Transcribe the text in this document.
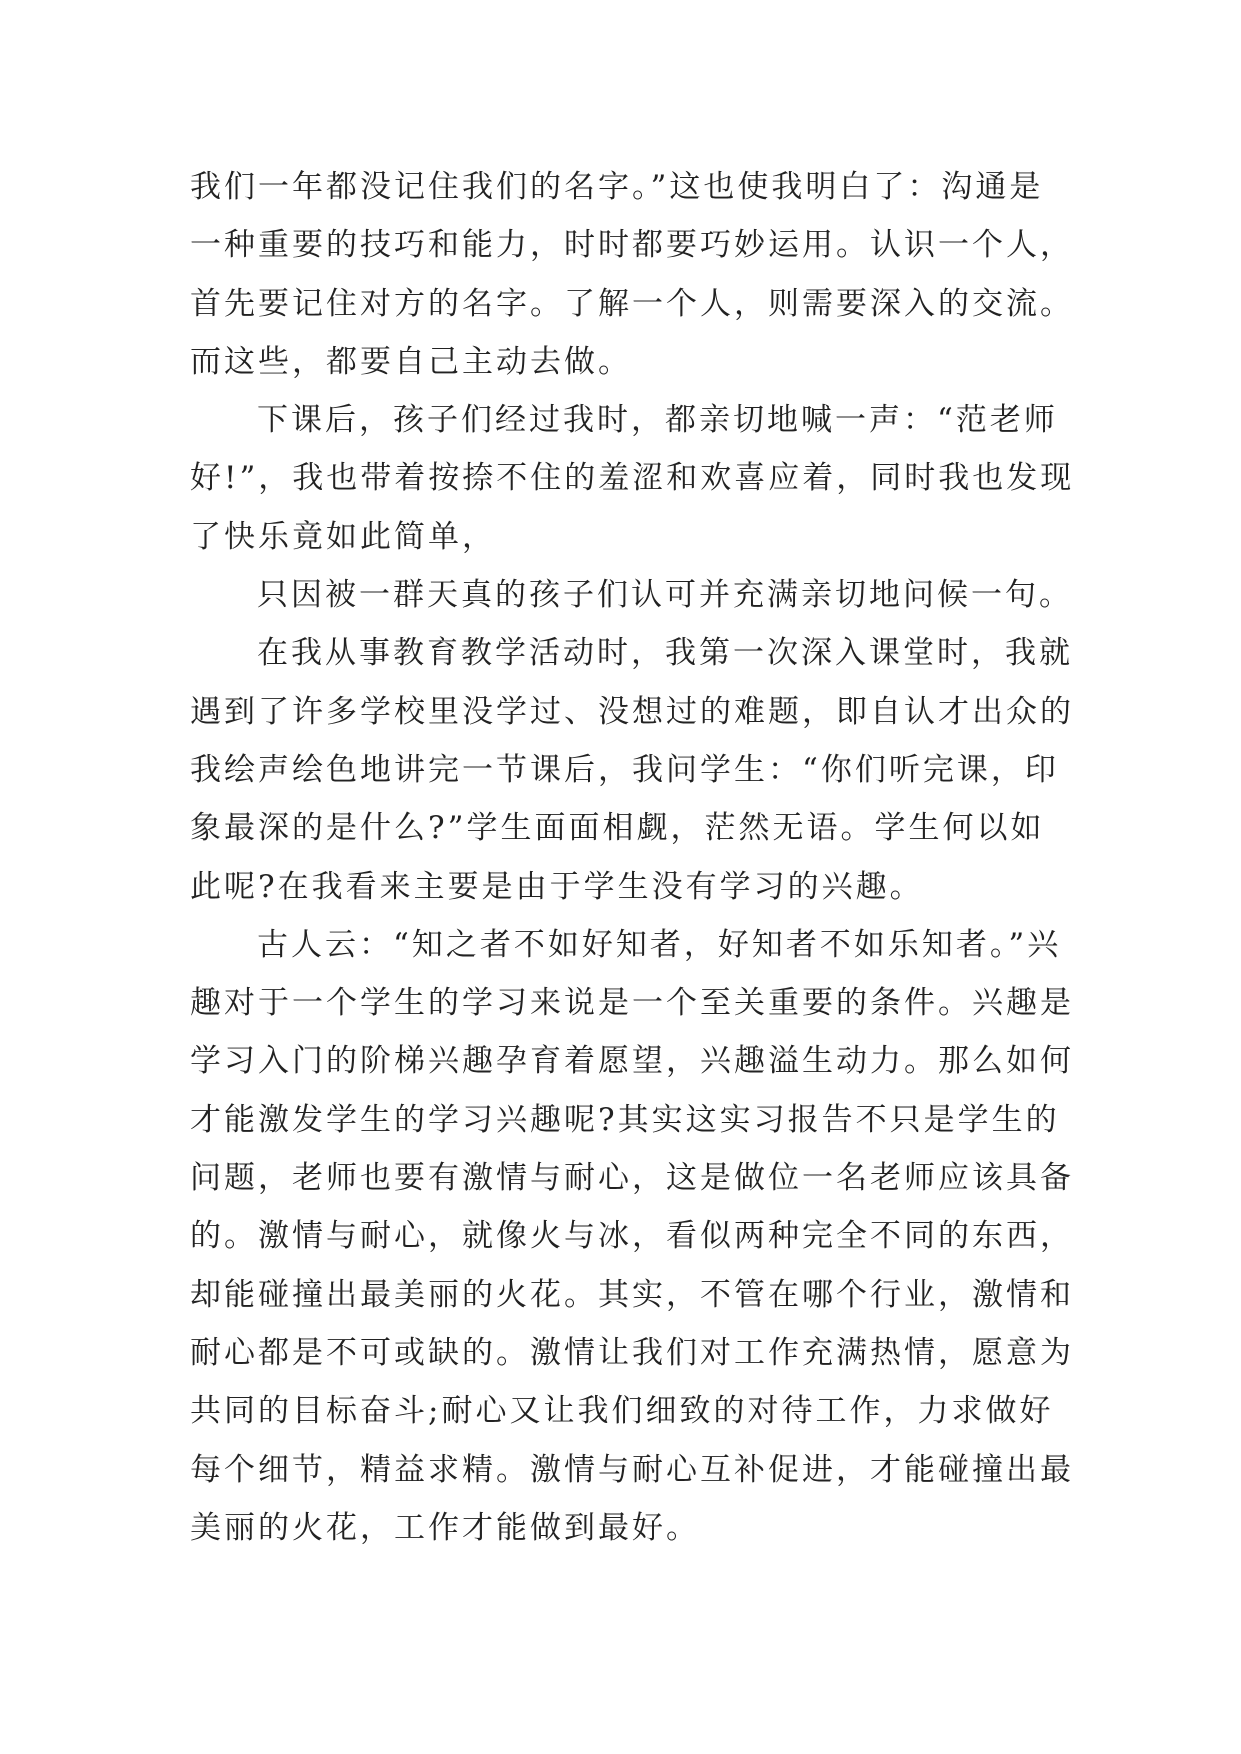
我们一年都没记住我们的名字。”这也使我明白了：沟通是
一种重要的技巧和能力，时时都要巧妙运用。认识一个人，
首先要记住对方的名字。了解一个人，则需要深入的交流。
而这些，都要自己主动去做。
下课后，孩子们经过我时，都亲切地喊一声：“范老师
好!”，我也带着按捺不住的羞涩和欢喜应着，同时我也发现
了快乐竟如此简单，
只因被一群天真的孩子们认可并充满亲切地问候一句。
在我从事教育教学活动时，我第一次深入课堂时，我就
遇到了许多学校里没学过、没想过的难题，即自认才出众的
我绘声绘色地讲完一节课后，我问学生：“你们听完课，印
象最深的是什么?”学生面面相觑，茫然无语。学生何以如
此呢?在我看来主要是由于学生没有学习的兴趣。
古人云：“知之者不如好知者，好知者不如乐知者。”兴
趣对于一个学生的学习来说是一个至关重要的条件。兴趣是
学习入门的阶梯兴趣孕育着愿望，兴趣溢生动力。那么如何
才能激发学生的学习兴趣呢?其实这实习报告不只是学生的
问题，老师也要有激情与耐心，这是做位一名老师应该具备
的。激情与耐心，就像火与冰，看似两种完全不同的东西，
却能碰撞出最美丽的火花。其实，不管在哪个行业，激情和
耐心都是不可或缺的。激情让我们对工作充满热情，愿意为
共同的目标奋斗;耐心又让我们细致的对待工作，力求做好
每个细节，精益求精。激情与耐心互补促进，才能碰撞出最
美丽的火花，工作才能做到最好。
